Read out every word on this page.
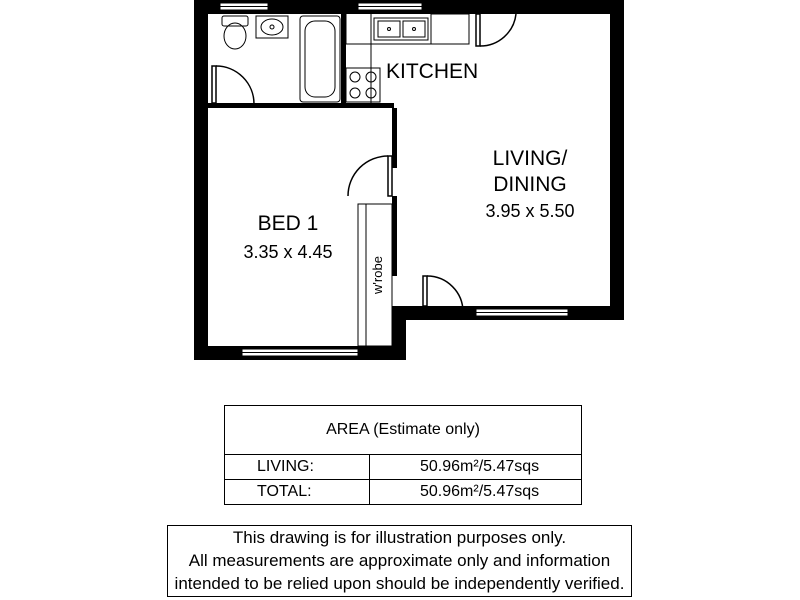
KITCHEN
LIVING/
DINING
3.95 x 5.50
BED 1
3.35 x 4.45
w'robe
AREA (Estimate only)	
LIVING:	50.96m²/5.47sqs
TOTAL:	50.96m²/5.47sqs
This drawing is for illustration purposes only.
All measurements are approximate only and information
intended to be relied upon should be independently verified.
